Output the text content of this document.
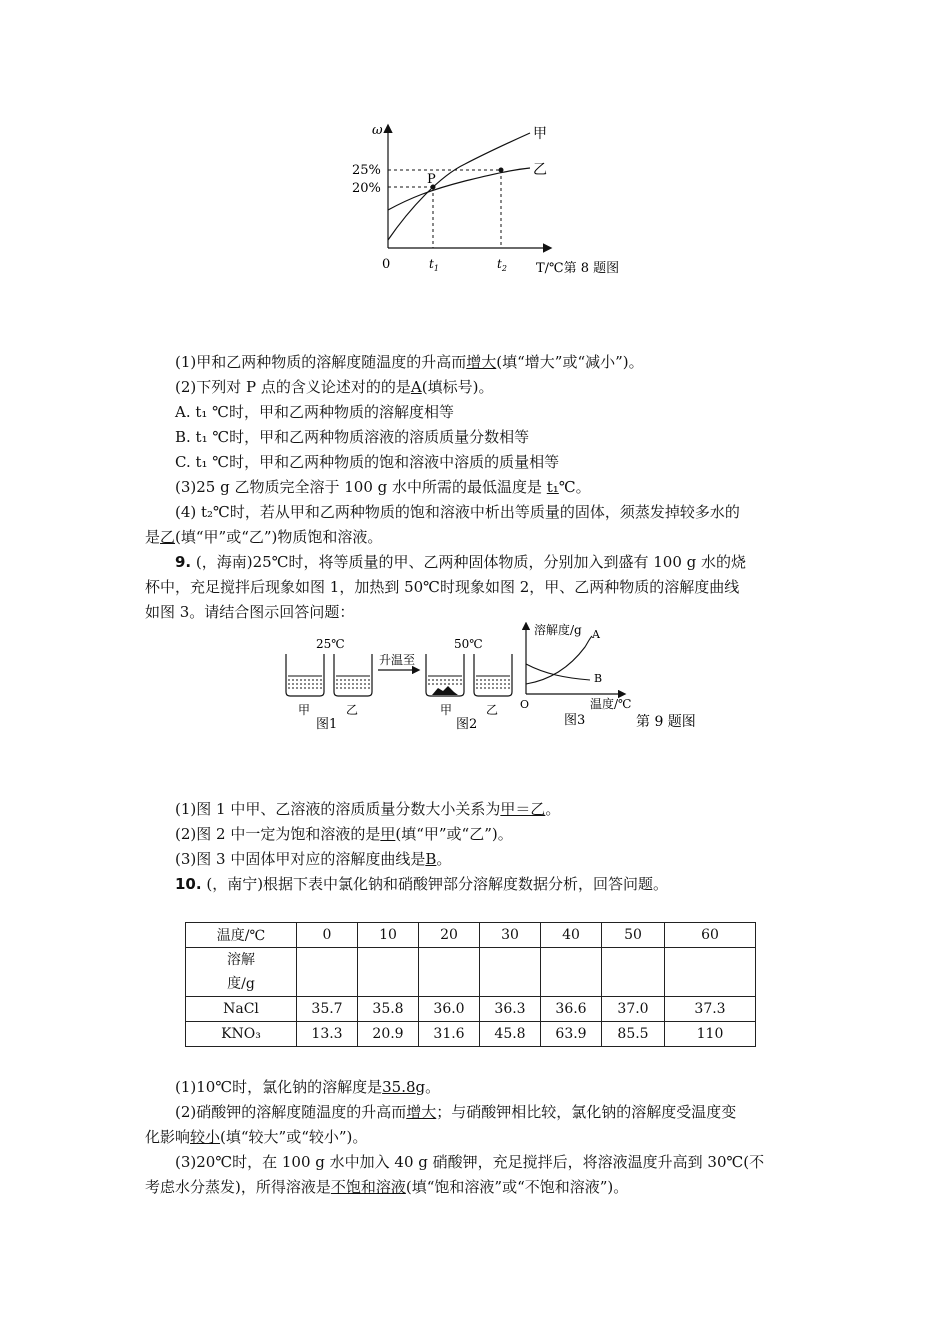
ω
25%
20%
P
甲
乙
0	$t_1$	$t_2$ T/℃第 8 题图
(1)甲和乙两种物质的溶解度随温度的升高而增大(填“增大”或“减小”)。
(2)下列对 P 点的含义论述对的的是A(填标号)。
A. t₁ ℃时，甲和乙两种物质的溶解度相等
B. t₁ ℃时，甲和乙两种物质溶液的溶质质量分数相等
C. t₁ ℃时，甲和乙两种物质的饱和溶液中溶质的质量相等
(3)25 g 乙物质完全溶于 100 g 水中所需的最低温度是 t₁℃。
(4) t₂℃时，若从甲和乙两种物质的饱和溶液中析出等质量的固体，须蒸发掉较多水的
是乙(填“甲”或“乙”)物质饱和溶液。
9. (，海南)25℃时，将等质量的甲、乙两种固体物质，分别加入到盛有 100 g 水的烧
杯中，充足搅拌后现象如图 1，加热到 50℃时现象如图 2，甲、乙两种物质的溶解度曲线
如图 3。请结合图示回答问题：
25℃
甲	乙
图1
升温至
50℃
甲	乙
图2
溶解度/g A
B
O	温度/℃
图3	第 9 题图
(1)图 1 中甲、乙溶液的溶质质量分数大小关系为甲＝乙。
(2)图 2 中一定为饱和溶液的是甲(填“甲”或“乙”)。
(3)图 3 中固体甲对应的溶解度曲线是B。
10. (，南宁)根据下表中氯化钠和硝酸钾部分溶解度数据分析，回答问题。
温度/℃	0	10	20	30	40	50	60
溶解
度/g							
NaCl	35.7	35.8	36.0	36.3	36.6	37.0	37.3
KNO₃	13.3	20.9	31.6	45.8	63.9	85.5	110
(1)10℃时，氯化钠的溶解度是35.8g。
(2)硝酸钾的溶解度随温度的升高而增大；与硝酸钾相比较，氯化钠的溶解度受温度变
化影响较小(填“较大”或“较小”)。
(3)20℃时，在 100 g 水中加入 40 g 硝酸钾，充足搅拌后，将溶液温度升高到 30℃(不
考虑水分蒸发)，所得溶液是不饱和溶液(填“饱和溶液”或“不饱和溶液”)。
